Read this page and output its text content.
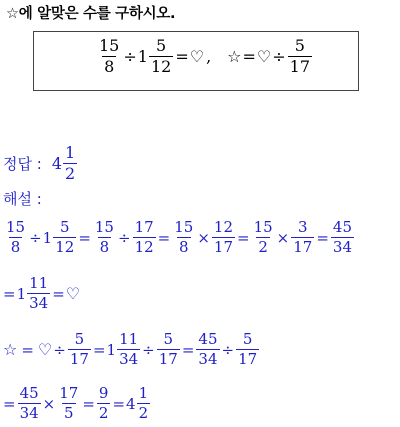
☆에 알맞은 수를 구하시오.
$\frac{15}{8} \div 1 \frac{5}{12}$ = ♡ , ☆ = ♡ ÷ $\frac{5}{17}$
정답 : $4 \frac{1}{2}$
해설 :
$\frac{15}{8} \div 1 \frac{5}{12} = \frac{15}{8} \div \frac{17}{12} = \frac{15}{8} \times \frac{12}{17} = \frac{15}{2} \times \frac{3}{17} = \frac{45}{34}$
= $1 \frac{11}{34}$ = ♡
☆ = ♡ ÷ $\frac{5}{17} = 1 \frac{11}{34} \div \frac{5}{17} = \frac{45}{34} \div \frac{5}{17}$
= $\frac{45}{34} \times \frac{17}{5} = \frac{9}{2} = 4 \frac{1}{2}$
